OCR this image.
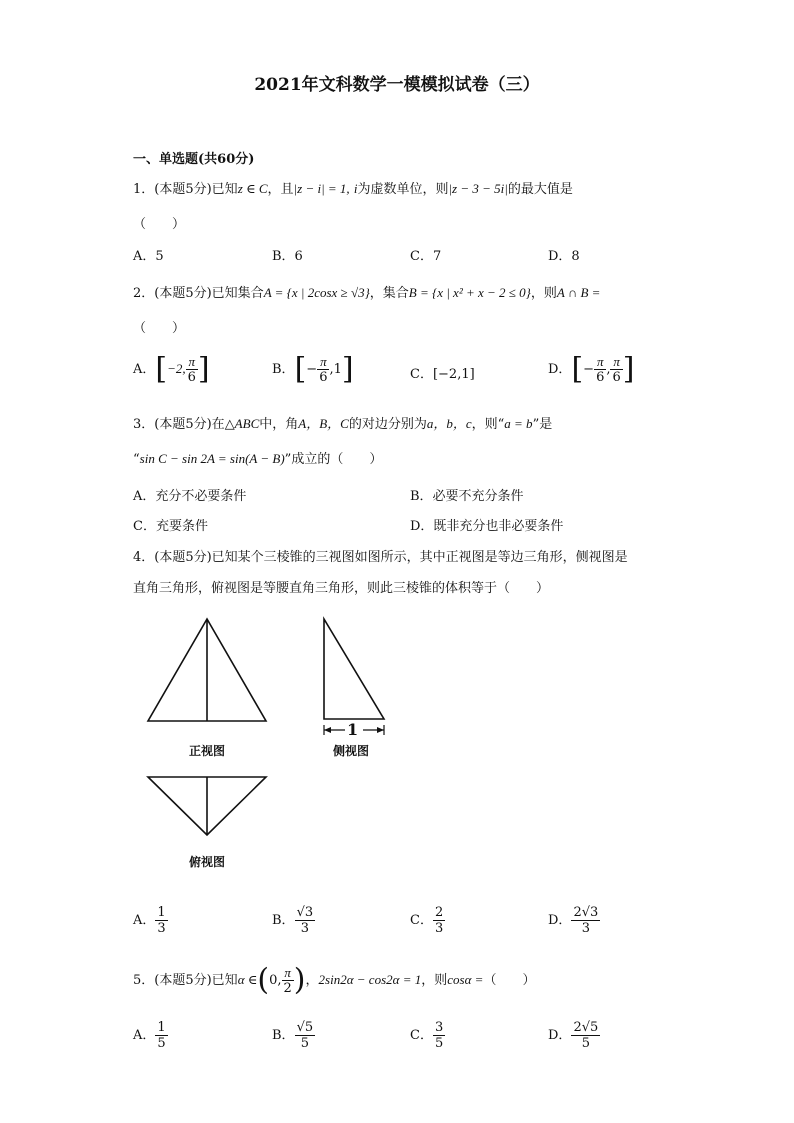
2021年文科数学一模模拟试卷（三）
一、单选题(共60分)
1．(本题5分)已知z ∈ C，且|z − i| = 1, i为虚数单位，则|z − 3 − 5i|的最大值是
（　　）
A．5	B．6	C．7	D．8
2．(本题5分)已知集合A = {x | 2cosx ≥ √3}，集合B = {x | x² + x − 2 ≤ 0}，则A ∩ B =
（　　）
A．[−2, $\frac{\pi}{6}$ ]	B．[− $\frac{\pi}{6} ,1$]	C．[−2,1]	D．[− $\frac{\pi}{6}$ , $\frac{\pi}{6}$ ]
3．(本题5分)在△ABC中，角A，B，C的对边分别为a，b，c，则“a = b”是
“sin C − sin 2A = sin(A − B)”成立的（　　）
A．充分不必要条件	B．必要不充分条件
C．充要条件	D．既非充分也非必要条件
4．(本题5分)已知某个三棱锥的三视图如图所示，其中正视图是等边三角形，侧视图是
直角三角形，俯视图是等腰直角三角形，则此三棱锥的体积等于（　　）
1
正视图	侧视图
俯视图
A． $\frac{1}{3}$	B． $\frac{√3}{3}$	C． $\frac{2}{3}$	D． $\frac{2√3}{3}$
5．(本题5分)已知α ∈(0, $\frac{\pi}{2}$ )，2sin2α − cos2α = 1，则cosα =（　　）
A． $\frac{1}{5}$	B． $\frac{√5}{5}$	C． $\frac{3}{5}$	D． $\frac{2√5}{5}$
